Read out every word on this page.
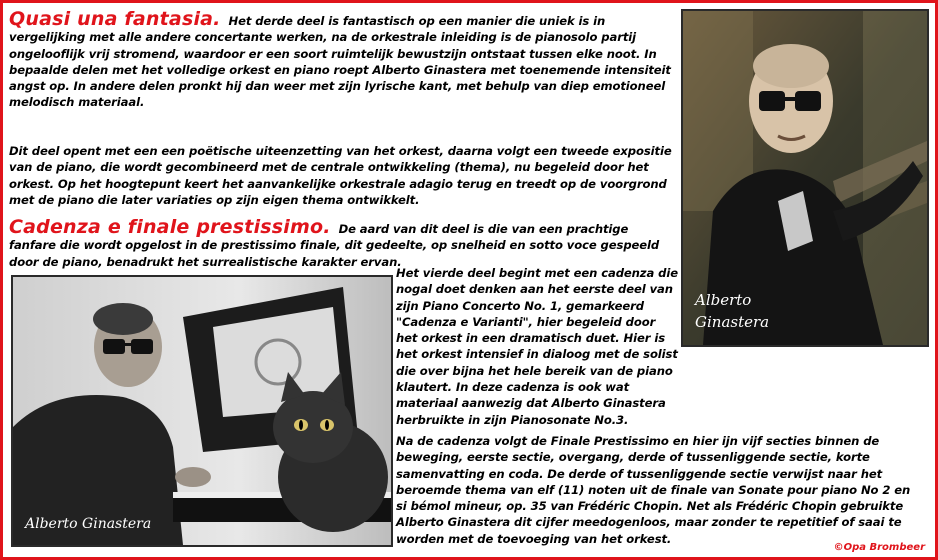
Alberto
Ginastera
Alberto Ginastera

Quasi una fantasia. Het derde deel is fantastisch op een manier die uniek is in vergelijking met alle andere concertante werken, na de orkestrale inleiding is de pianosolo partij ongelooflijk vrij stromend, waardoor er een soort ruimtelijk bewustzijn ontstaat tussen elke noot. In bepaalde delen met het volledige orkest en piano roept Alberto Ginastera met toenemende intensiteit angst op. In andere delen pronkt hij dan weer met zijn lyrische kant, met behulp van diep emotioneel melodisch materiaal.

Dit deel opent met een een poëtische uiteenzetting van het orkest, daarna volgt een tweede expositie van de piano, die wordt gecombineerd met de centrale ontwikkeling (thema), nu begeleid door het orkest. Op het hoogtepunt keert het aanvankelijke orkestrale adagio terug en treedt op de voorgrond met de piano die later variaties op zijn eigen thema ontwikkelt.

Cadenza e finale prestissimo. De aard van dit deel is die van een prachtige fanfare die wordt opgelost in de prestissimo finale, dit gedeelte, op snelheid en sotto voce gespeeld door de piano, benadrukt het surrealistische karakter ervan.

Het vierde deel begint met een cadenza die nogal doet denken aan het eerste deel van zijn Piano Concerto No. 1, gemarkeerd "Cadenza e Varianti", hier begeleid door het orkest in een dramatisch duet. Hier is het orkest intensief in dialoog met de solist die over bijna het hele bereik van de piano klautert. In deze cadenza is ook wat materiaal aanwezig dat Alberto Ginastera herbruikte in zijn Pianosonate No.3.

Na de cadenza volgt de Finale Prestissimo en hier ijn vijf secties binnen de beweging, eerste sectie, overgang, derde of tussenliggende sectie, korte samenvatting en coda. De derde of tussenliggende sectie verwijst naar het beroemde thema van elf (11) noten uit de finale van Sonate pour piano No 2 en si bémol mineur, op. 35 van Frédéric Chopin. Net als Frédéric Chopin gebruikte Alberto Ginastera dit cijfer meedogenloos, maar zonder te repetitief of saai te worden met de toevoeging van het orkest.

©Opa Brombeer
